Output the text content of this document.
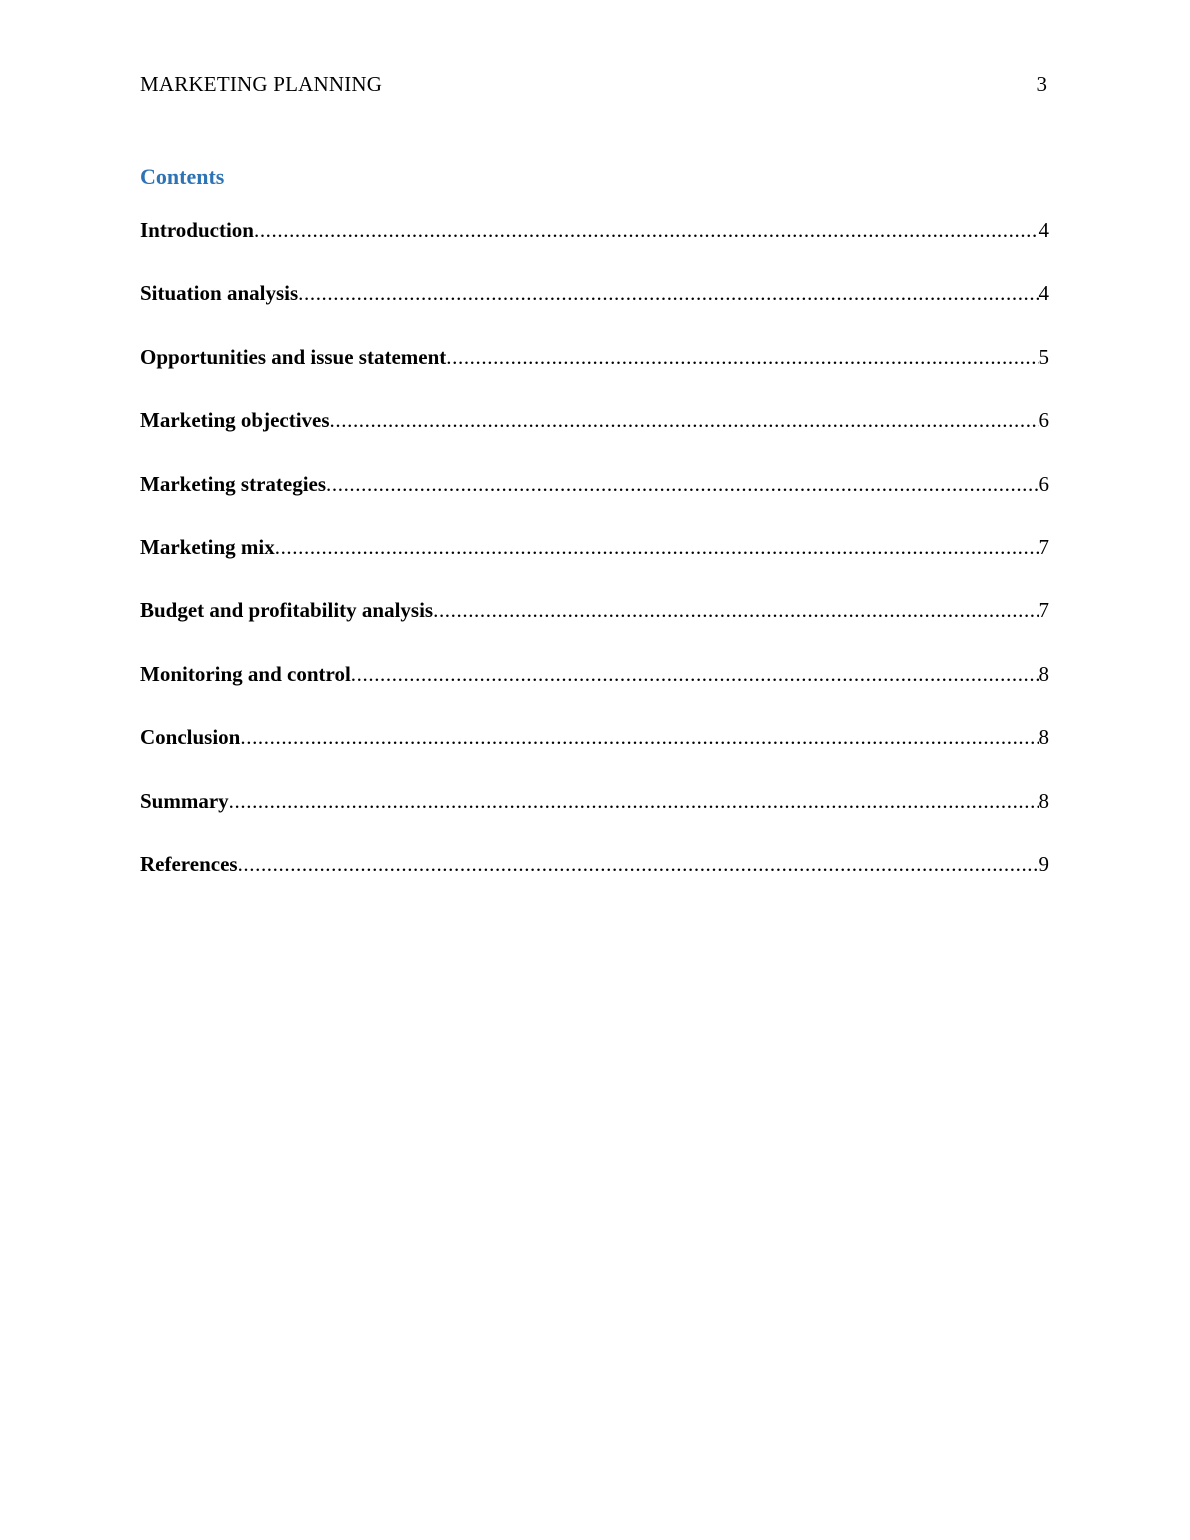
MARKETING PLANNING	3
Contents
Introduction .....	4
Situation analysis .....	4
Opportunities and issue statement .....	5
Marketing objectives .....	6
Marketing strategies .....	6
Marketing mix .....	7
Budget and profitability analysis .....	7
Monitoring and control .....	8
Conclusion .....	8
Summary .....	8
References .....	9
